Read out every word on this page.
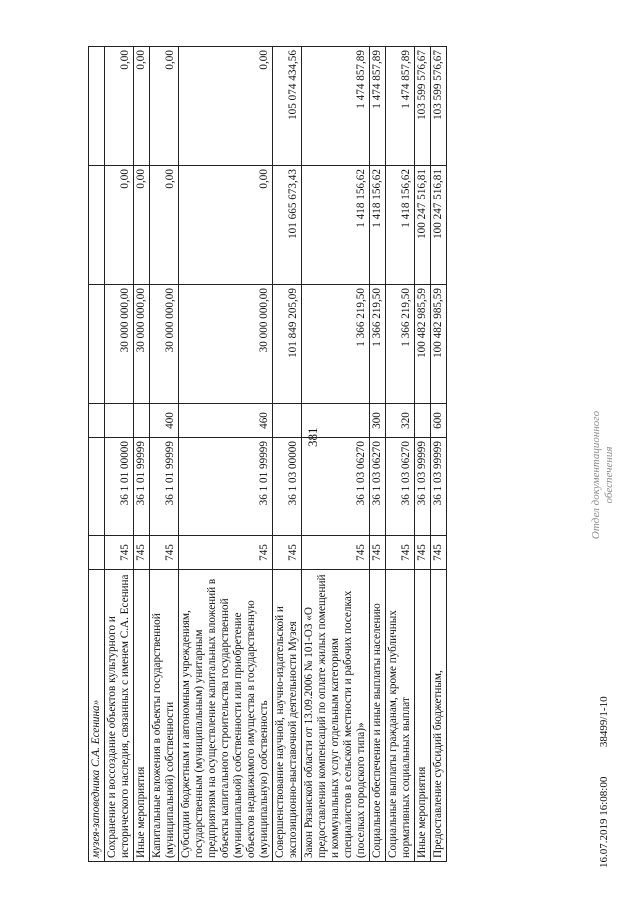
381
музея-заповедника С.А. Есенина»						
Сохранение и воссоздание объектов культурного и исторического наследия, связанных с именем С.А. Есенина	745	36 1 01 00000		30 000 000,00	0,00	0,00
Иные мероприятия	745	36 1 01 99999		30 000 000,00	0,00	0,00
Капитальные вложения в объекты государственной (муниципальной) собственности	745	36 1 01 99999	400	30 000 000,00	0,00	0,00
Субсидии бюджетным и автономным учреждениям, государственным (муниципальным) унитарным предприятиям на осуществление капитальных вложений в объекты капитального строительства государственной (муниципальной) собственности или приобретение объектов недвижимого имущества в государственную (муниципальную) собственность	745	36 1 01 99999	460	30 000 000,00	0,00	0,00
Совершенствование научной, научно-издательской и экспозиционно-выставочной деятельности Музея	745	36 1 03 00000		101 849 205,09	101 665 673,43	105 074 434,56
Закон Рязанской области от 13.09.2006 № 101-ОЗ «О предоставлении компенсаций по оплате жилых помещений и коммунальных услуг отдельным категориям специалистов в сельской местности и рабочих поселках (поселках городского типа)»	745	36 1 03 06270		1 366 219,50	1 418 156,62	1 474 857,89
Социальное обеспечение и иные выплаты населению	745	36 1 03 06270	300	1 366 219,50	1 418 156,62	1 474 857,89
Социальные выплаты гражданам, кроме публичных нормативных социальных выплат	745	36 1 03 06270	320	1 366 219,50	1 418 156,62	1 474 857,89
Иные мероприятия	745	36 1 03 99999		100 482 985,59	100 247 516,81	103 599 576,67
Предоставление субсидий бюджетным,	745	36 1 03 99999	600	100 482 985,59	100 247 516,81	103 599 576,67
Отдел документационного обеспечения
16.07.2019 16:08:00  38499/1-10
